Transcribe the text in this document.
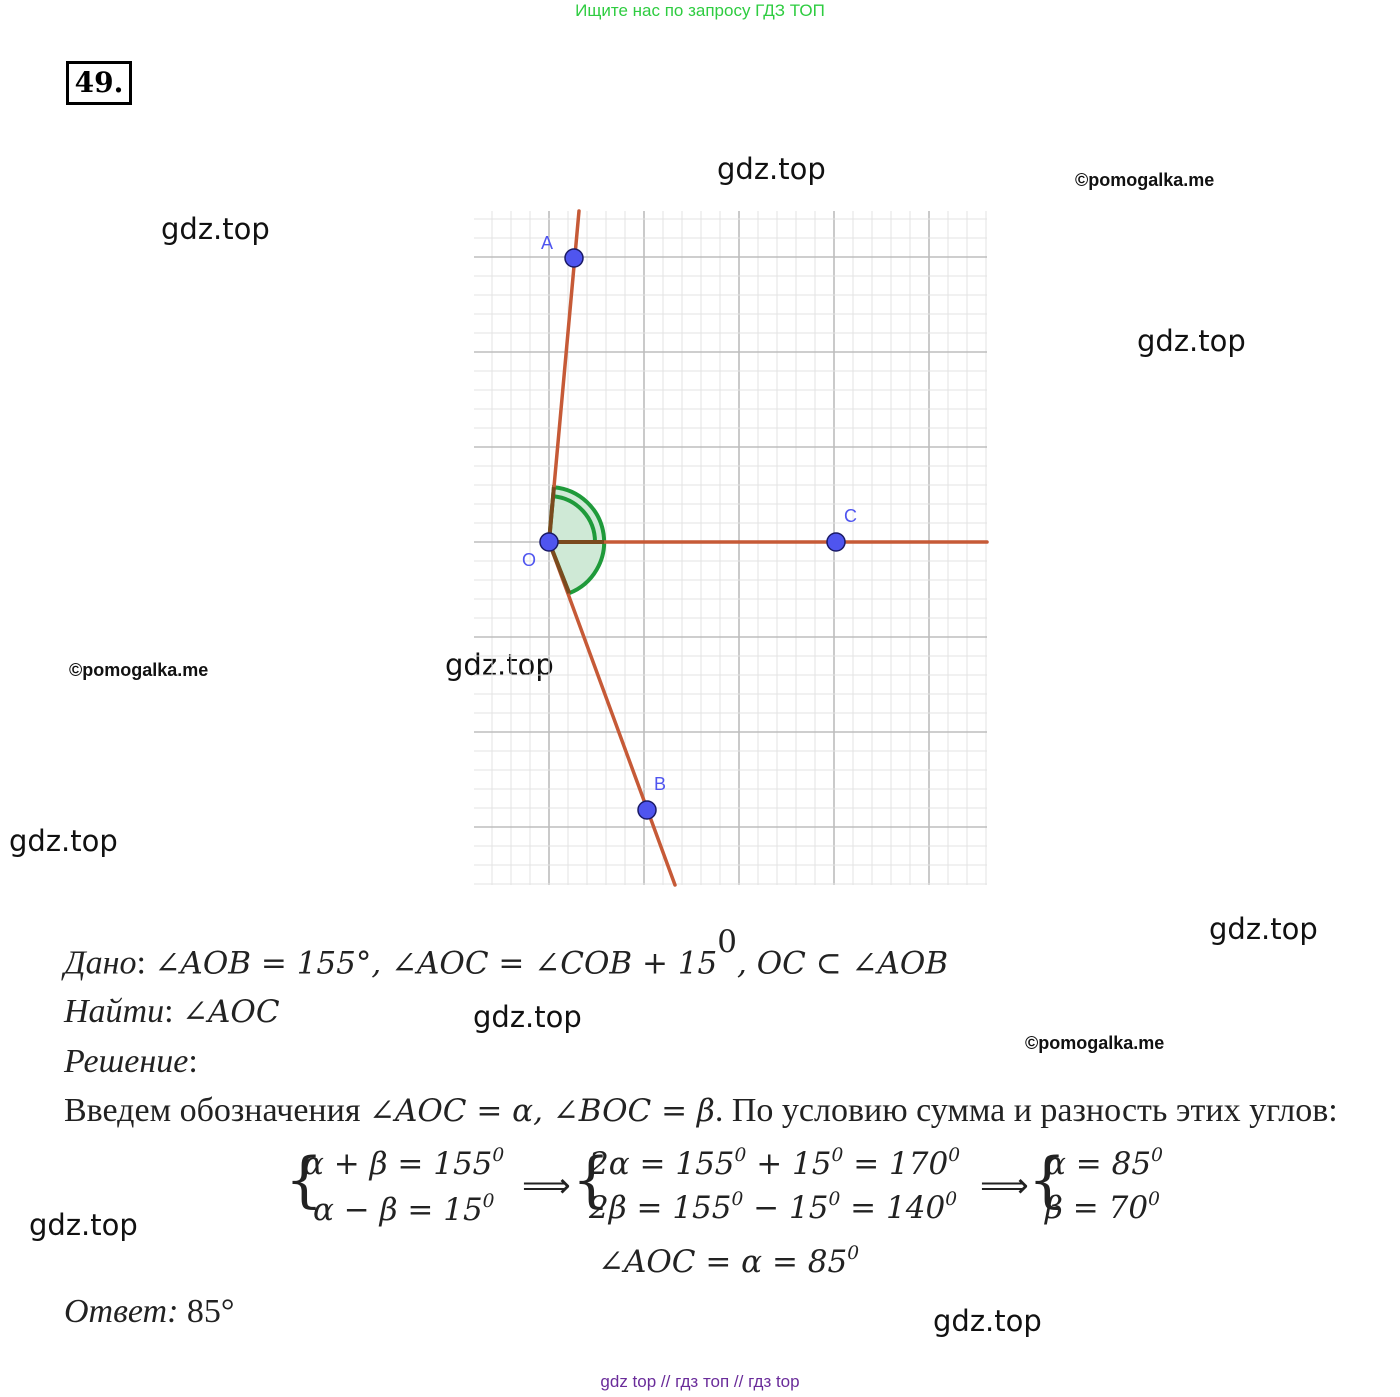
Ищите нас по запросу ГДЗ ТОП
49.
gdz.top	©pomogalka.me
gdz.top
gdz.top
©pomogalka.me	gdz.top
gdz.top
gdz.top
gdz.top
©pomogalka.me
gdz.top
gdz.top
A
C
O
B
Дано: ∠AOB = 155°, ∠AOC = ∠COB + $15^0$, OC ⊂ ∠AOB
Найти: ∠AOC
Решение:
Введем обозначения ∠AOC = α, ∠BOC = β. По условию сумма и разность этих углов:
{
$\alpha + \beta = 155^0$
$\alpha - \beta = 15^0$ ⟹ {
$2\alpha = 155^0 + 15^0 = 170^0$
$2\beta = 155^0 - 15^0 = 140^0$ ⟹ {
$\alpha = 85^0$
$\beta = 70^0$
∠AOC = $\alpha = 85^0$
Ответ: 85°
gdz top // гдз топ // гдз top
